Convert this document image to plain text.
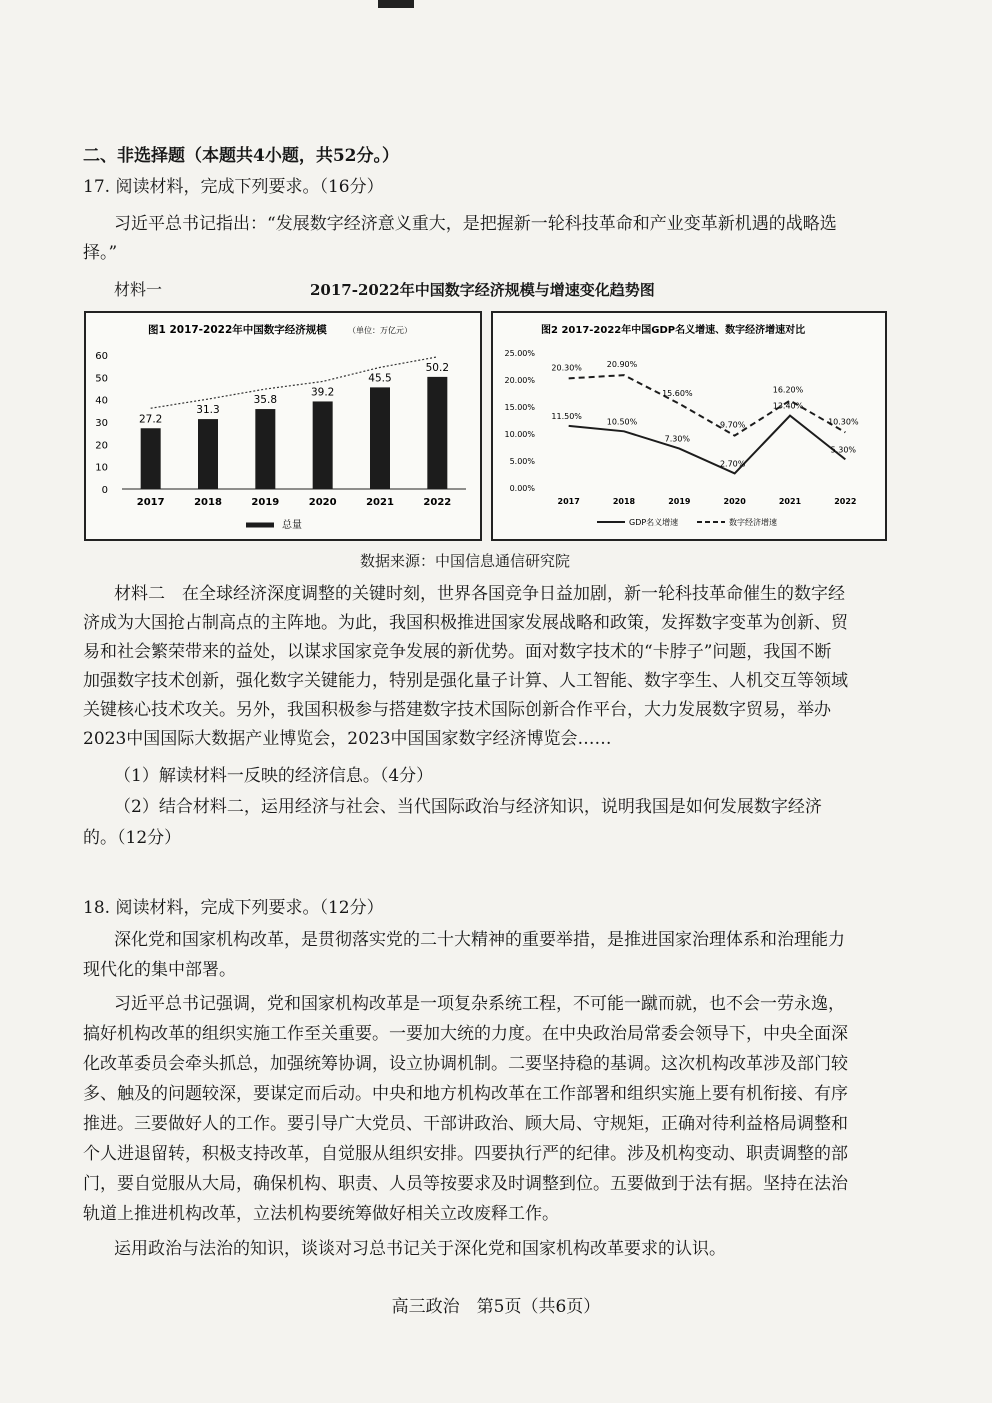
二、非选择题（本题共4小题，共52分。）
17. 阅读材料，完成下列要求。（16分）
习近平总书记指出：“发展数字经济意义重大，是把握新一轮科技革命和产业变革新机遇的战略选
择。”
材料一	2017-2022年中国数字经济规模与增速变化趋势图
图1 2017-2022年中国数字经济规模	（单位：万亿元）
0
10
20
30
40
50
60
27.2
2017
31.3
2018
35.8
2019
39.2
2020
45.5
2021
50.2
2022
总量
图2 2017-2022年中国GDP名义增速、数字经济增速对比
0.00%
5.00%
10.00%
15.00%
20.00%
25.00%
2017	2018	2019	2020	2021	2022
11.50%
10.50%
7.30%
2.70%
13.40%
5.30%
20.30%	20.90%
15.60%
9.70%
16.20%
10.30%
GDP名义增速	数字经济增速
数据来源：中国信息通信研究院
材料二　在全球经济深度调整的关键时刻，世界各国竞争日益加剧，新一轮科技革命催生的数字经
济成为大国抢占制高点的主阵地。为此，我国积极推进国家发展战略和政策，发挥数字变革为创新、贸
易和社会繁荣带来的益处，以谋求国家竞争发展的新优势。面对数字技术的“卡脖子”问题，我国不断
加强数字技术创新，强化数字关键能力，特别是强化量子计算、人工智能、数字孪生、人机交互等领域
关键核心技术攻关。另外，我国积极参与搭建数字技术国际创新合作平台，大力发展数字贸易，举办
2023中国国际大数据产业博览会，2023中国国家数字经济博览会……
（1）解读材料一反映的经济信息。（4分）
（2）结合材料二，运用经济与社会、当代国际政治与经济知识，说明我国是如何发展数字经济
的。（12分）
18. 阅读材料，完成下列要求。（12分）
深化党和国家机构改革，是贯彻落实党的二十大精神的重要举措，是推进国家治理体系和治理能力
现代化的集中部署。
习近平总书记强调，党和国家机构改革是一项复杂系统工程，不可能一蹴而就，也不会一劳永逸，
搞好机构改革的组织实施工作至关重要。一要加大统的力度。在中央政治局常委会领导下，中央全面深
化改革委员会牵头抓总，加强统筹协调，设立协调机制。二要坚持稳的基调。这次机构改革涉及部门较
多、触及的问题较深，要谋定而后动。中央和地方机构改革在工作部署和组织实施上要有机衔接、有序
推进。三要做好人的工作。要引导广大党员、干部讲政治、顾大局、守规矩，正确对待利益格局调整和
个人进退留转，积极支持改革，自觉服从组织安排。四要执行严的纪律。涉及机构变动、职责调整的部
门，要自觉服从大局，确保机构、职责、人员等按要求及时调整到位。五要做到于法有据。坚持在法治
轨道上推进机构改革，立法机构要统筹做好相关立改废释工作。
运用政治与法治的知识，谈谈对习总书记关于深化党和国家机构改革要求的认识。
高三政治　第5页（共6页）
